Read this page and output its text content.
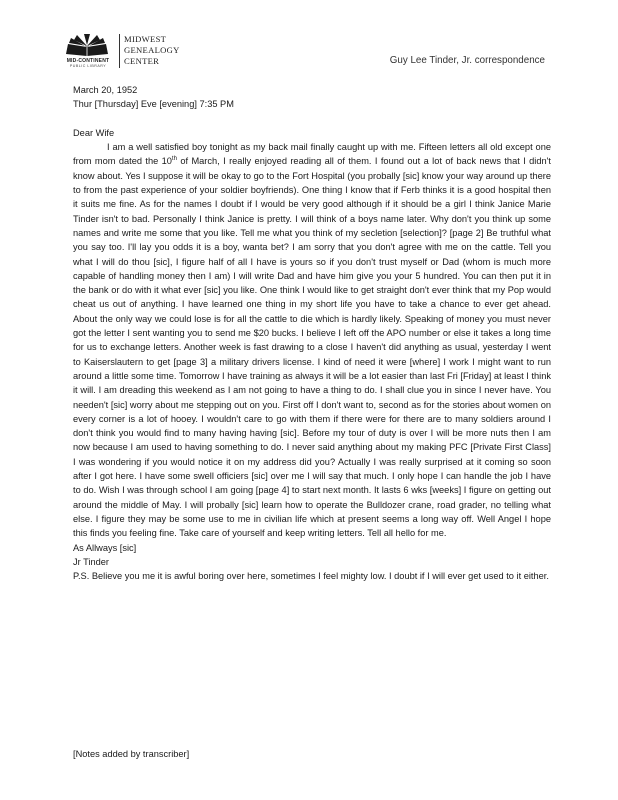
MID-CONTINENT
PUBLIC LIBRARY
MIDWEST
GENEALOGY
CENTER	Guy Lee Tinder, Jr. correspondence

March 20, 1952

Thur [Thursday] Eve [evening] 7:35 PM

Dear Wife

I am a well satisfied boy tonight as my back mail finally caught up with me. Fifteen letters all old except one from mom dated the 10th of March, I really enjoyed reading all of them. I found out a lot of back news that I didn't know about. Yes I suppose it will be okay to go to the Fort Hospital (you probally [sic] know your way around up there to from the past experience of your soldier boyfriends). One thing I know that if Ferb thinks it is a good hospital then it suits me fine. As for the names I doubt if I would be very good although if it should be a girl I think Janice Marie Tinder isn't to bad. Personally I think Janice is pretty. I will think of a boys name later. Why don't you think up some names and write me some that you like. Tell me what you think of my secletion [selection]? [page 2] Be truthful what you say too. I'll lay you odds it is a boy, wanta bet? I am sorry that you don't agree with me on the cattle. Tell you what I will do thou [sic], I figure half of all I have is yours so if you don't trust myself or Dad (whom is much more capable of handling money then I am) I will write Dad and have him give you your 5 hundred. You can then put it in the bank or do with it what ever [sic] you like. One think I would like to get straight don't ever think that my Pop would cheat us out of anything. I have learned one thing in my short life you have to take a chance to ever get ahead. About the only way we could lose is for all the cattle to die which is hardly likely. Speaking of money you must never got the letter I sent wanting you to send me $20 bucks. I believe I left off the APO number or else it takes a long time for us to exchange letters. Another week is fast drawing to a close I haven't did anything as usual, yesterday I went to Kaiserslautern to get [page 3] a military drivers license. I kind of need it were [where] I work I might want to run around a little some time. Tomorrow I have training as always it will be a lot easier than last Fri [Friday] at least I think it will. I am dreading this weekend as I am not going to have a thing to do. I shall clue you in since I never have. You needen't [sic] worry about me stepping out on you. First off I don't want to, second as for the stories about women on every corner is a lot of hooey. I wouldn't care to go with them if there were for there are to many soldiers around I don't think you would find to many having having [sic]. Before my tour of duty is over I will be more nuts then I am now because I am used to having something to do. I never said anything about my making PFC [Private First Class] I was wondering if you would notice it on my address did you? Actually I was really surprised at it coming so soon after I got here. I have some swell officiers [sic] over me I will say that much. I only hope I can handle the job I have to do. Wish I was through school I am going [page 4] to start next month. It lasts 6 wks [weeks] I figure on getting out around the middle of May. I will probally [sic] learn how to operate the Bulldozer crane, road grader, no telling what else. I figure they may be some use to me in civilian life which at present seems a long way off. Well Angel I hope this finds you feeling fine. Take care of yourself and keep writing letters. Tell all hello for me.

As Allways [sic]

Jr Tinder

P.S. Believe you me it is awful boring over here, sometimes I feel mighty low. I doubt if I will ever get used to it either.

[Notes added by transcriber]
